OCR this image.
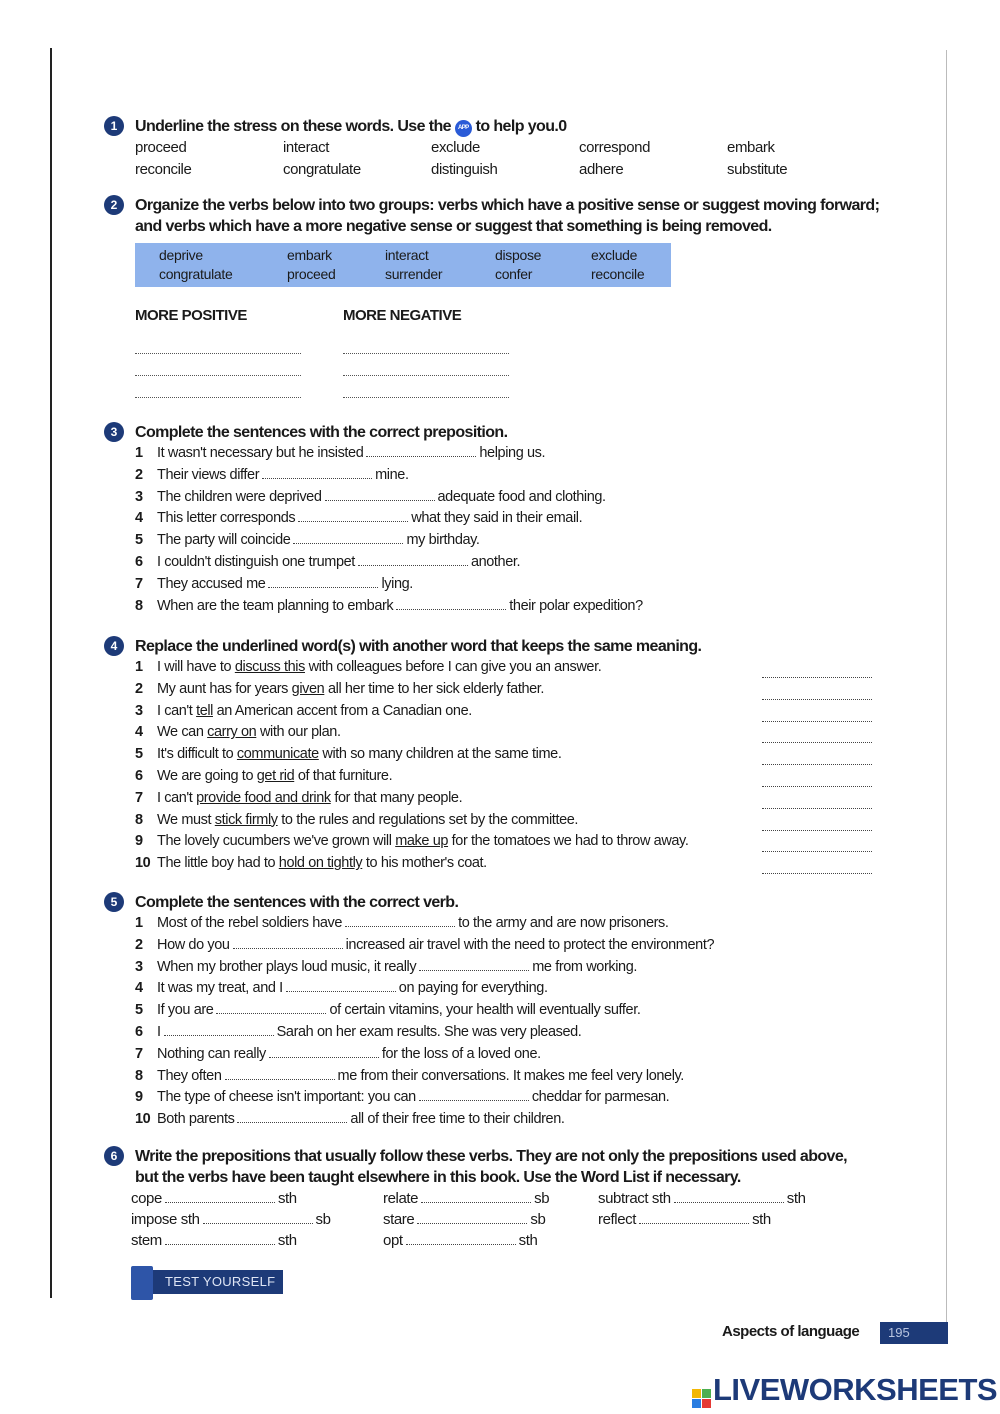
1	Underline the stress on these words. Use the APP to help you.0
proceed	interact	exclude	correspond	embark
reconcile	congratulate	distinguish	adhere	substitute
2	Organize the verbs below into two groups: verbs which have a positive sense or suggest moving forward; and verbs which have a more negative sense or suggest that something is being removed.
deprive	embark	interact	dispose	exclude
congratulate	proceed	surrender	confer	reconcile
MORE POSITIVE	MORE NEGATIVE
3	Complete the sentences with the correct preposition.
1 It wasn't necessary but he insisted	helping us.
2 Their views differ	mine.
3 The children were deprived	adequate food and clothing.
4 This letter corresponds	what they said in their email.
5 The party will coincide	my birthday.
6 I couldn't distinguish one trumpet	another.
7 They accused me	lying.
8 When are the team planning to embark	their polar expedition?
4	Replace the underlined word(s) with another word that keeps the same meaning.
1 I will have to discuss this with colleagues before I can give you an answer.
2 My aunt has for years given all her time to her sick elderly father.
3 I can't tell an American accent from a Canadian one.
4 We can carry on with our plan.
5 It's difficult to communicate with so many children at the same time.
6 We are going to get rid of that furniture.
7 I can't provide food and drink for that many people.
8 We must stick firmly to the rules and regulations set by the committee.
9 The lovely cucumbers we've grown will make up for the tomatoes we had to throw away.
10 The little boy had to hold on tightly to his mother's coat.
5	Complete the sentences with the correct verb.
1 Most of the rebel soldiers have	to the army and are now prisoners.
2 How do you	increased air travel with the need to protect the environment?
3 When my brother plays loud music, it really	me from working.
4 It was my treat, and I	on paying for everything.
5 If you are	of certain vitamins, your health will eventually suffer.
6 I	Sarah on her exam results. She was very pleased.
7 Nothing can really	for the loss of a loved one.
8 They often	me from their conversations. It makes me feel very lonely.
9 The type of cheese isn't important: you can	cheddar for parmesan.
10 Both parents	all of their free time to their children.
6	Write the prepositions that usually follow these verbs. They are not only the prepositions used above, but the verbs have been taught elsewhere in this book. Use the Word List if necessary.
cope	sth	relate	sb	subtract sth	sth
impose sth	sb	stare	sb	reflect	sth
stem	sth	opt	sth
TEST YOURSELF
Aspects of language	195
LIVEWORKSHEETS
